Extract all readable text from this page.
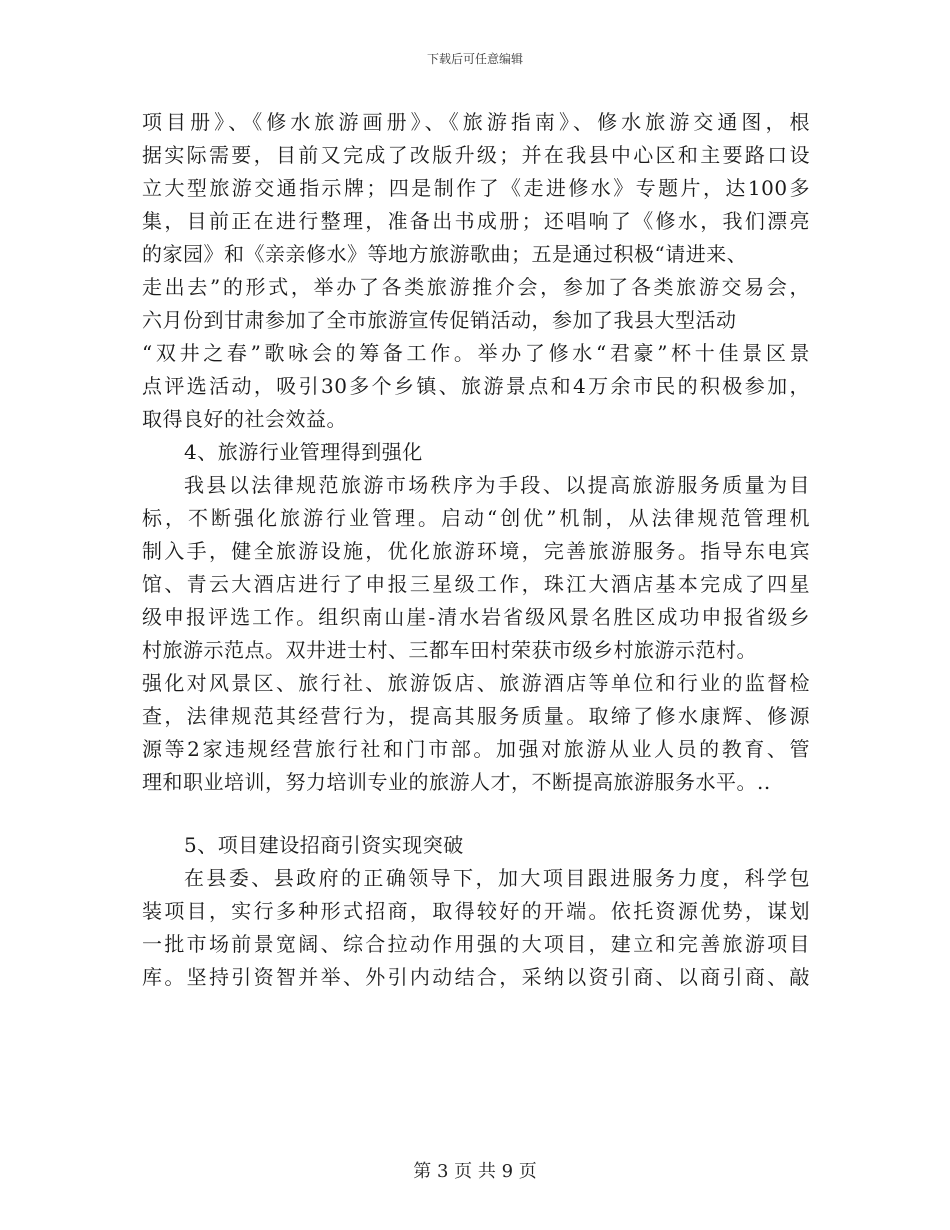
下载后可任意编辑
项目册》、《修水旅游画册》、《旅游指南》、修水旅游交通图，根
据实际需要，目前又完成了改版升级；并在我县中心区和主要路口设
立大型旅游交通指示牌；四是制作了《走进修水》专题片，达100多
集，目前正在进行整理，准备出书成册；还唱响了《修水，我们漂亮
的家园》和《亲亲修水》等地方旅游歌曲；五是通过积极“请进来、
走出去”的形式，举办了各类旅游推介会，参加了各类旅游交易会，
六月份到甘肃参加了全市旅游宣传促销活动，参加了我县大型活动
“双井之春”歌咏会的筹备工作。举办了修水“君豪”杯十佳景区景
点评选活动，吸引30多个乡镇、旅游景点和4万余市民的积极参加，
取得良好的社会效益。
4、旅游行业管理得到强化
我县以法律规范旅游市场秩序为手段、以提高旅游服务质量为目
标，不断强化旅游行业管理。启动“创优”机制，从法律规范管理机
制入手，健全旅游设施，优化旅游环境，完善旅游服务。指导东电宾
馆、青云大酒店进行了申报三星级工作，珠江大酒店基本完成了四星
级申报评选工作。组织南山崖-清水岩省级风景名胜区成功申报省级乡
村旅游示范点。双井进士村、三都车田村荣获市级乡村旅游示范村。
强化对风景区、旅行社、旅游饭店、旅游酒店等单位和行业的监督检
查，法律规范其经营行为，提高其服务质量。取缔了修水康辉、修源
源等2家违规经营旅行社和门市部。加强对旅游从业人员的教育、管
理和职业培训，努力培训专业的旅游人才，不断提高旅游服务水平。..
5、项目建设招商引资实现突破
在县委、县政府的正确领导下，加大项目跟进服务力度，科学包
装项目，实行多种形式招商，取得较好的开端。依托资源优势，谋划
一批市场前景宽阔、综合拉动作用强的大项目，建立和完善旅游项目
库。坚持引资智并举、外引内动结合，采纳以资引商、以商引商、敲
第 3 页 共 9 页
